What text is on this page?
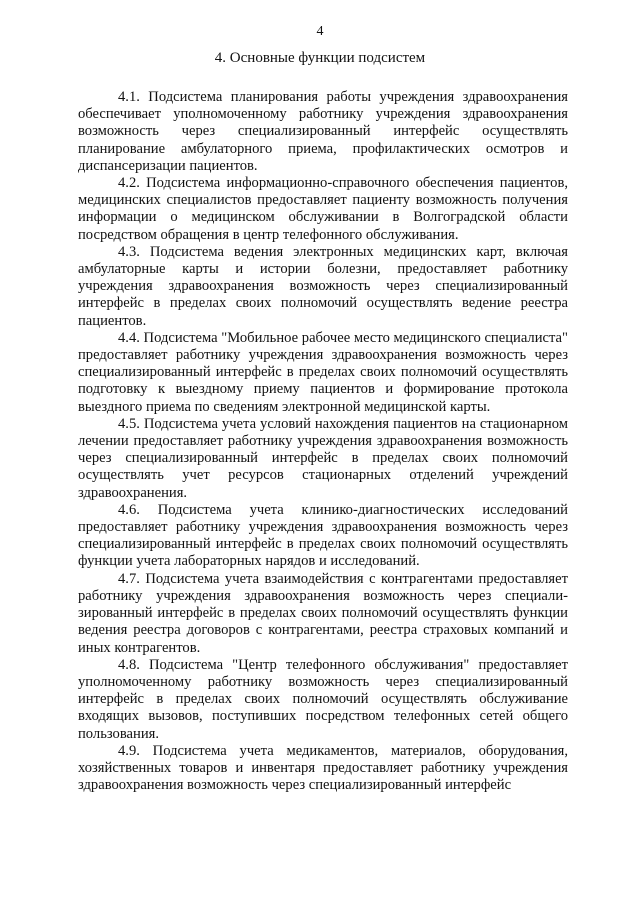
4
4. Основные функции подсистем

4.1. Подсистема планирования работы учреждения здравоохранения обеспечивает уполномоченному работнику учреждения здравоохранения возможность через специализированный интерфейс осуществлять планирование амбулаторного приема, профилактических осмотров и диспансеризации пациентов.

4.2. Подсистема информационно-справочного обеспечения пациентов, медицинских специалистов предоставляет пациенту возможность получения информации о медицинском обслуживании в Волгоградской области посредством обращения в центр телефонного обслуживания.

4.3. Подсистема ведения электронных медицинских карт, включая амбулаторные карты и истории болезни, предоставляет работнику учреждения здравоохранения возможность через специализированный интерфейс в пределах своих полномочий осуществлять ведение реестра пациентов.

4.4. Подсистема "Мобильное рабочее место медицинского специалиста" предоставляет работнику учреждения здравоохранения возможность через специализированный интерфейс в пределах своих полномочий осуществлять подготовку к выездному приему пациентов и формирование протокола выездного приема по сведениям электронной медицинской карты.

4.5. Подсистема учета условий нахождения пациентов на стационарном лечении предоставляет работнику учреждения здравоохранения возможность через специализированный интерфейс в пределах своих полномочий осуществлять учет ресурсов стационарных отделений учреждений здравоохранения.

4.6. Подсистема учета клинико-диагностических исследований предоставляет работнику учреждения здравоохранения возможность через специализированный интерфейс в пределах своих полномочий осуществлять функции учета лабораторных нарядов и исследований.

4.7. Подсистема учета взаимодействия с контрагентами предоставляет работнику учреждения здравоохранения возможность через специали-зированный интерфейс в пределах своих полномочий осуществлять функции ведения реестра договоров с контрагентами, реестра страховых компаний и иных контрагентов.

4.8. Подсистема "Центр телефонного обслуживания" предоставляет уполномоченному работнику возможность через специализированный интерфейс в пределах своих полномочий осуществлять обслуживание входящих вызовов, поступивших посредством телефонных сетей общего пользования.

4.9. Подсистема учета медикаментов, материалов, оборудования, хозяйственных товаров и инвентаря предоставляет работнику учреждения здравоохранения возможность через специализированный интерфейс
